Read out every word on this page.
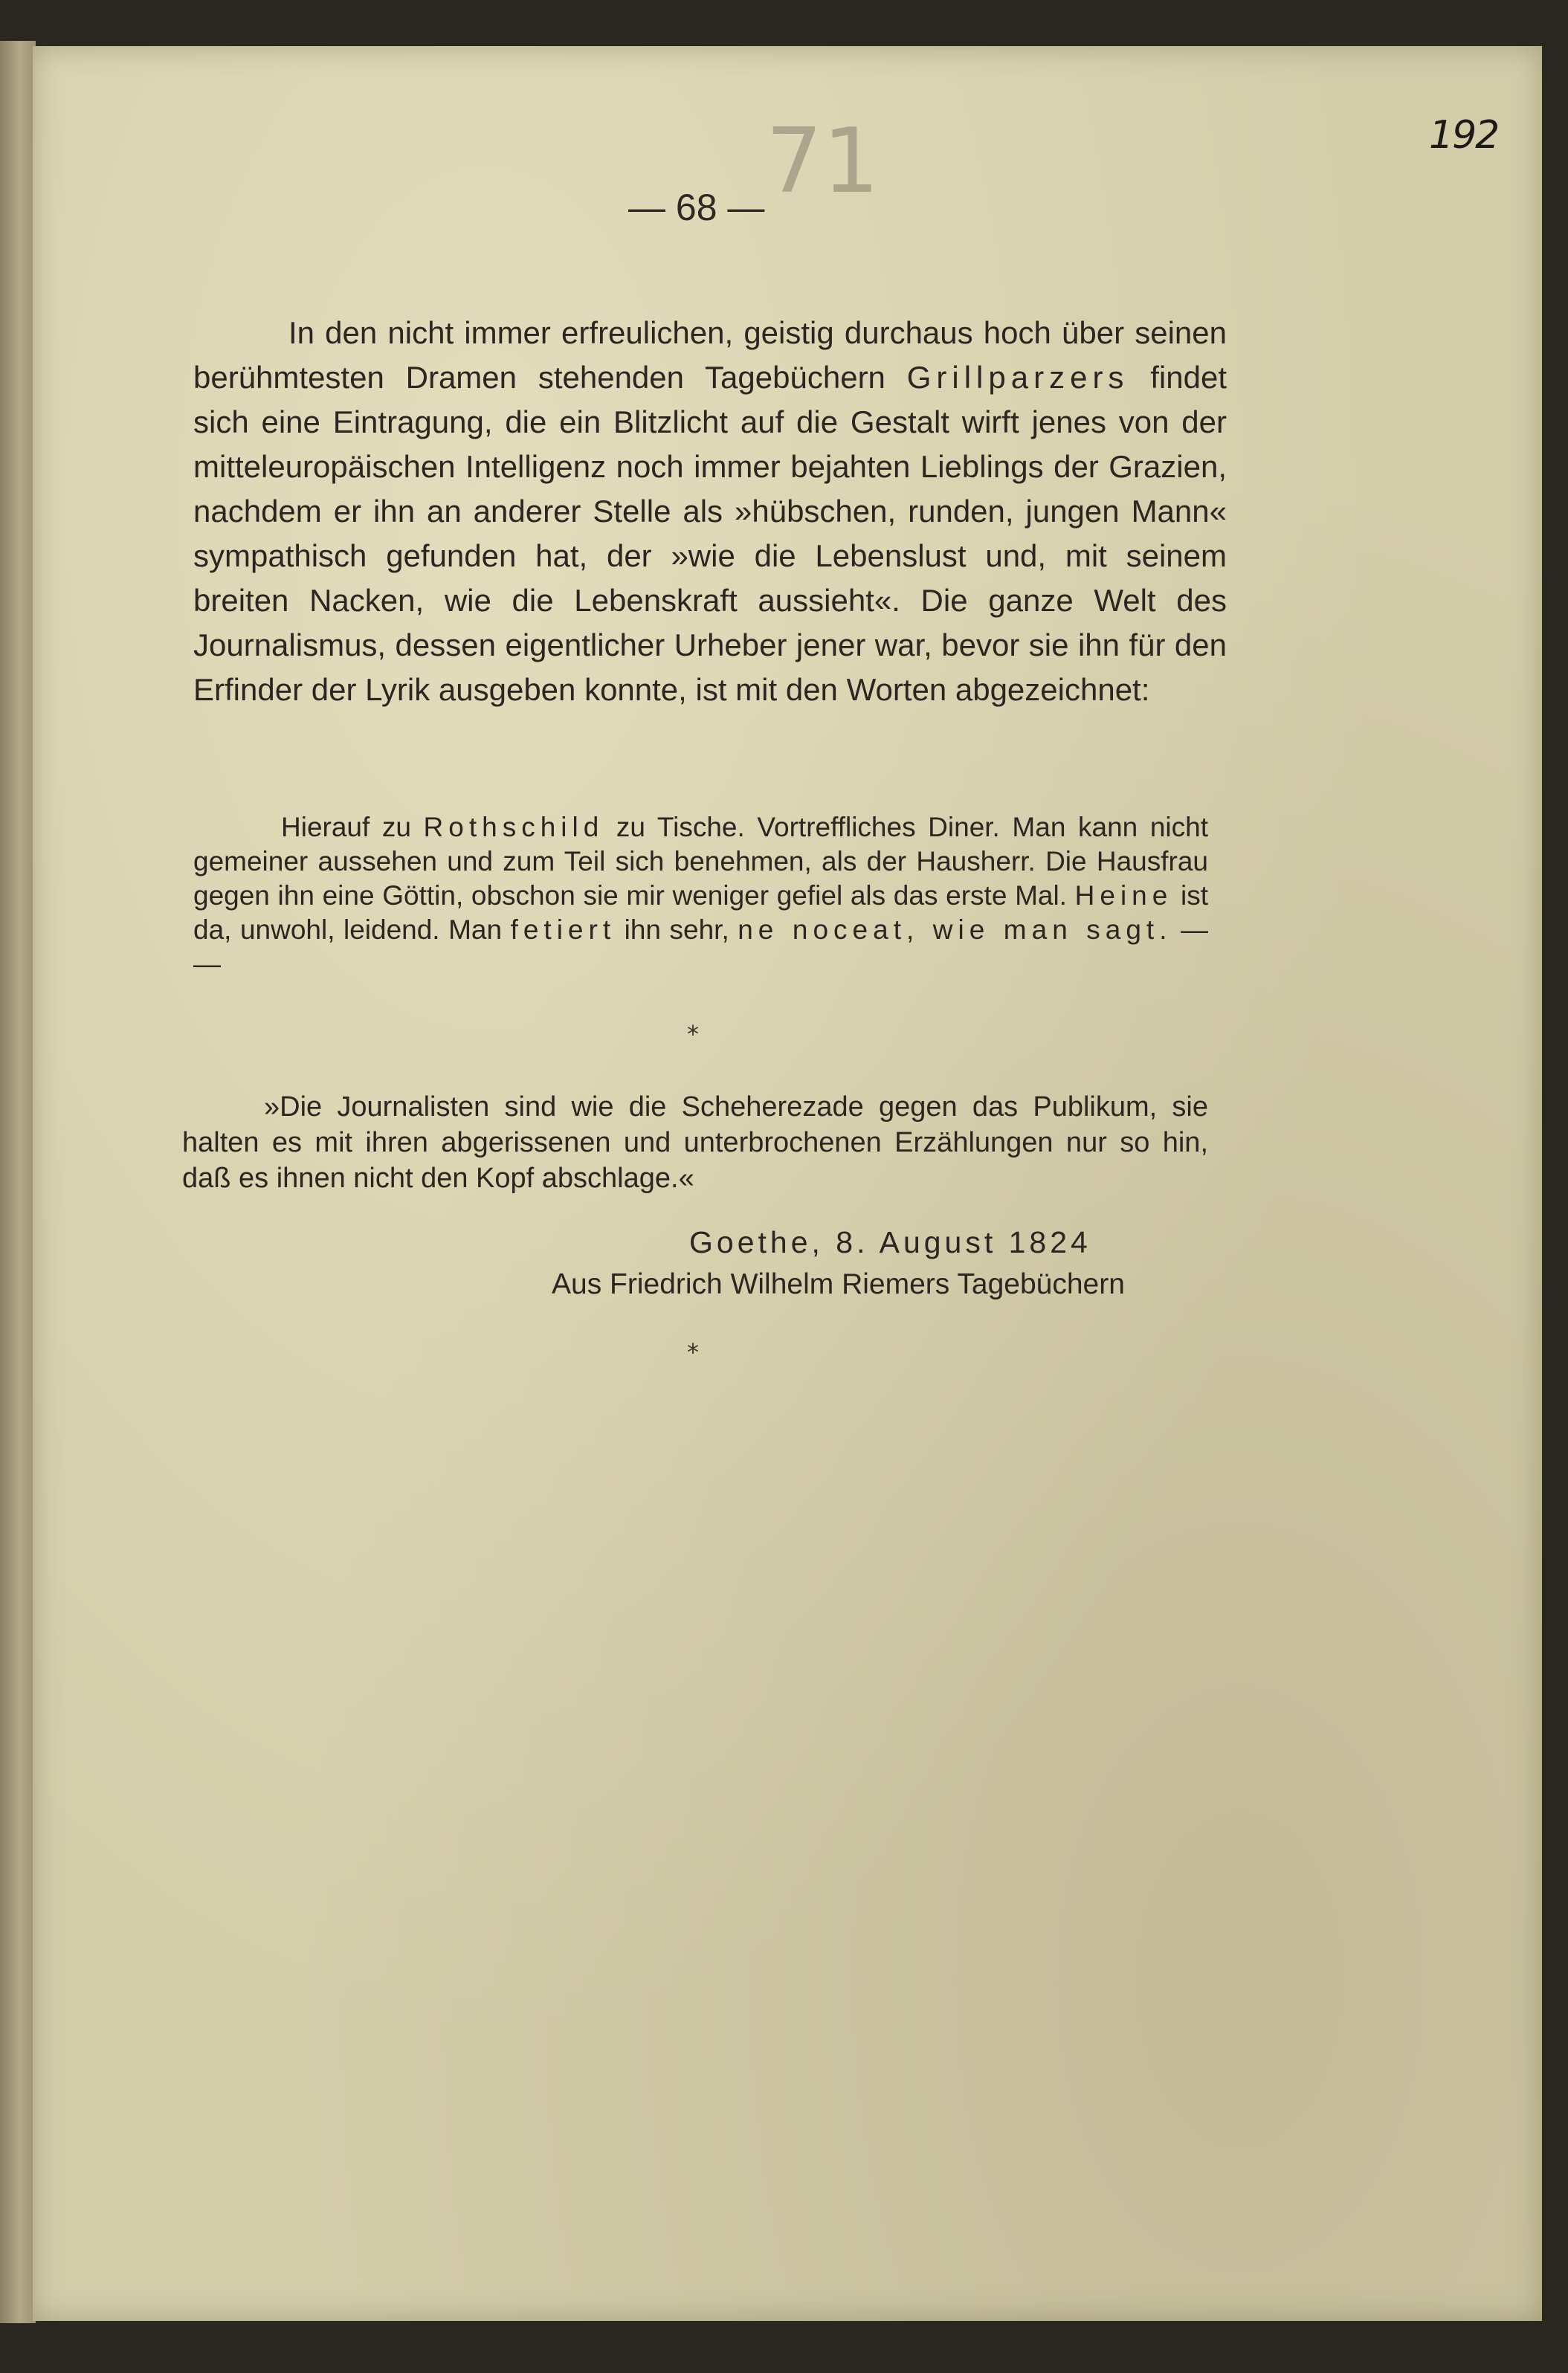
192
71
— 68 —

In den nicht immer erfreulichen, geistig durchaus hoch über seinen berühmtesten Dramen stehenden Tagebüchern Grillparzers findet sich eine Eintragung, die ein Blitzlicht auf die Gestalt wirft jenes von der mitteleuropäischen Intelligenz noch immer bejahten Lieblings der Grazien, nachdem er ihn an anderer Stelle als »hübschen, runden, jungen Mann« sympathisch gefunden hat, der »wie die Lebenslust und, mit seinem breiten Nacken, wie die Lebenskraft aussieht«. Die ganze Welt des Journalismus, dessen eigentlicher Urheber jener war, bevor sie ihn für den Erfinder der Lyrik ausgeben konnte, ist mit den Worten abgezeichnet:

Hierauf zu Rothschild zu Tische. Vortreffliches Diner. Man kann nicht gemeiner aussehen und zum Teil sich benehmen, als der Hausherr. Die Hausfrau gegen ihn eine Göttin, obschon sie mir weniger gefiel als das erste Mal. Heine ist da, unwohl, leidend. Man fetiert ihn sehr, ne noceat, wie man sagt. — —

*

»Die Journalisten sind wie die Scheherezade gegen das Publikum, sie halten es mit ihren abgerissenen und unterbrochenen Erzählungen nur so hin, daß es ihnen nicht den Kopf abschlage.«

Goethe, 8. August 1824
Aus Friedrich Wilhelm Riemers Tagebüchern
*
